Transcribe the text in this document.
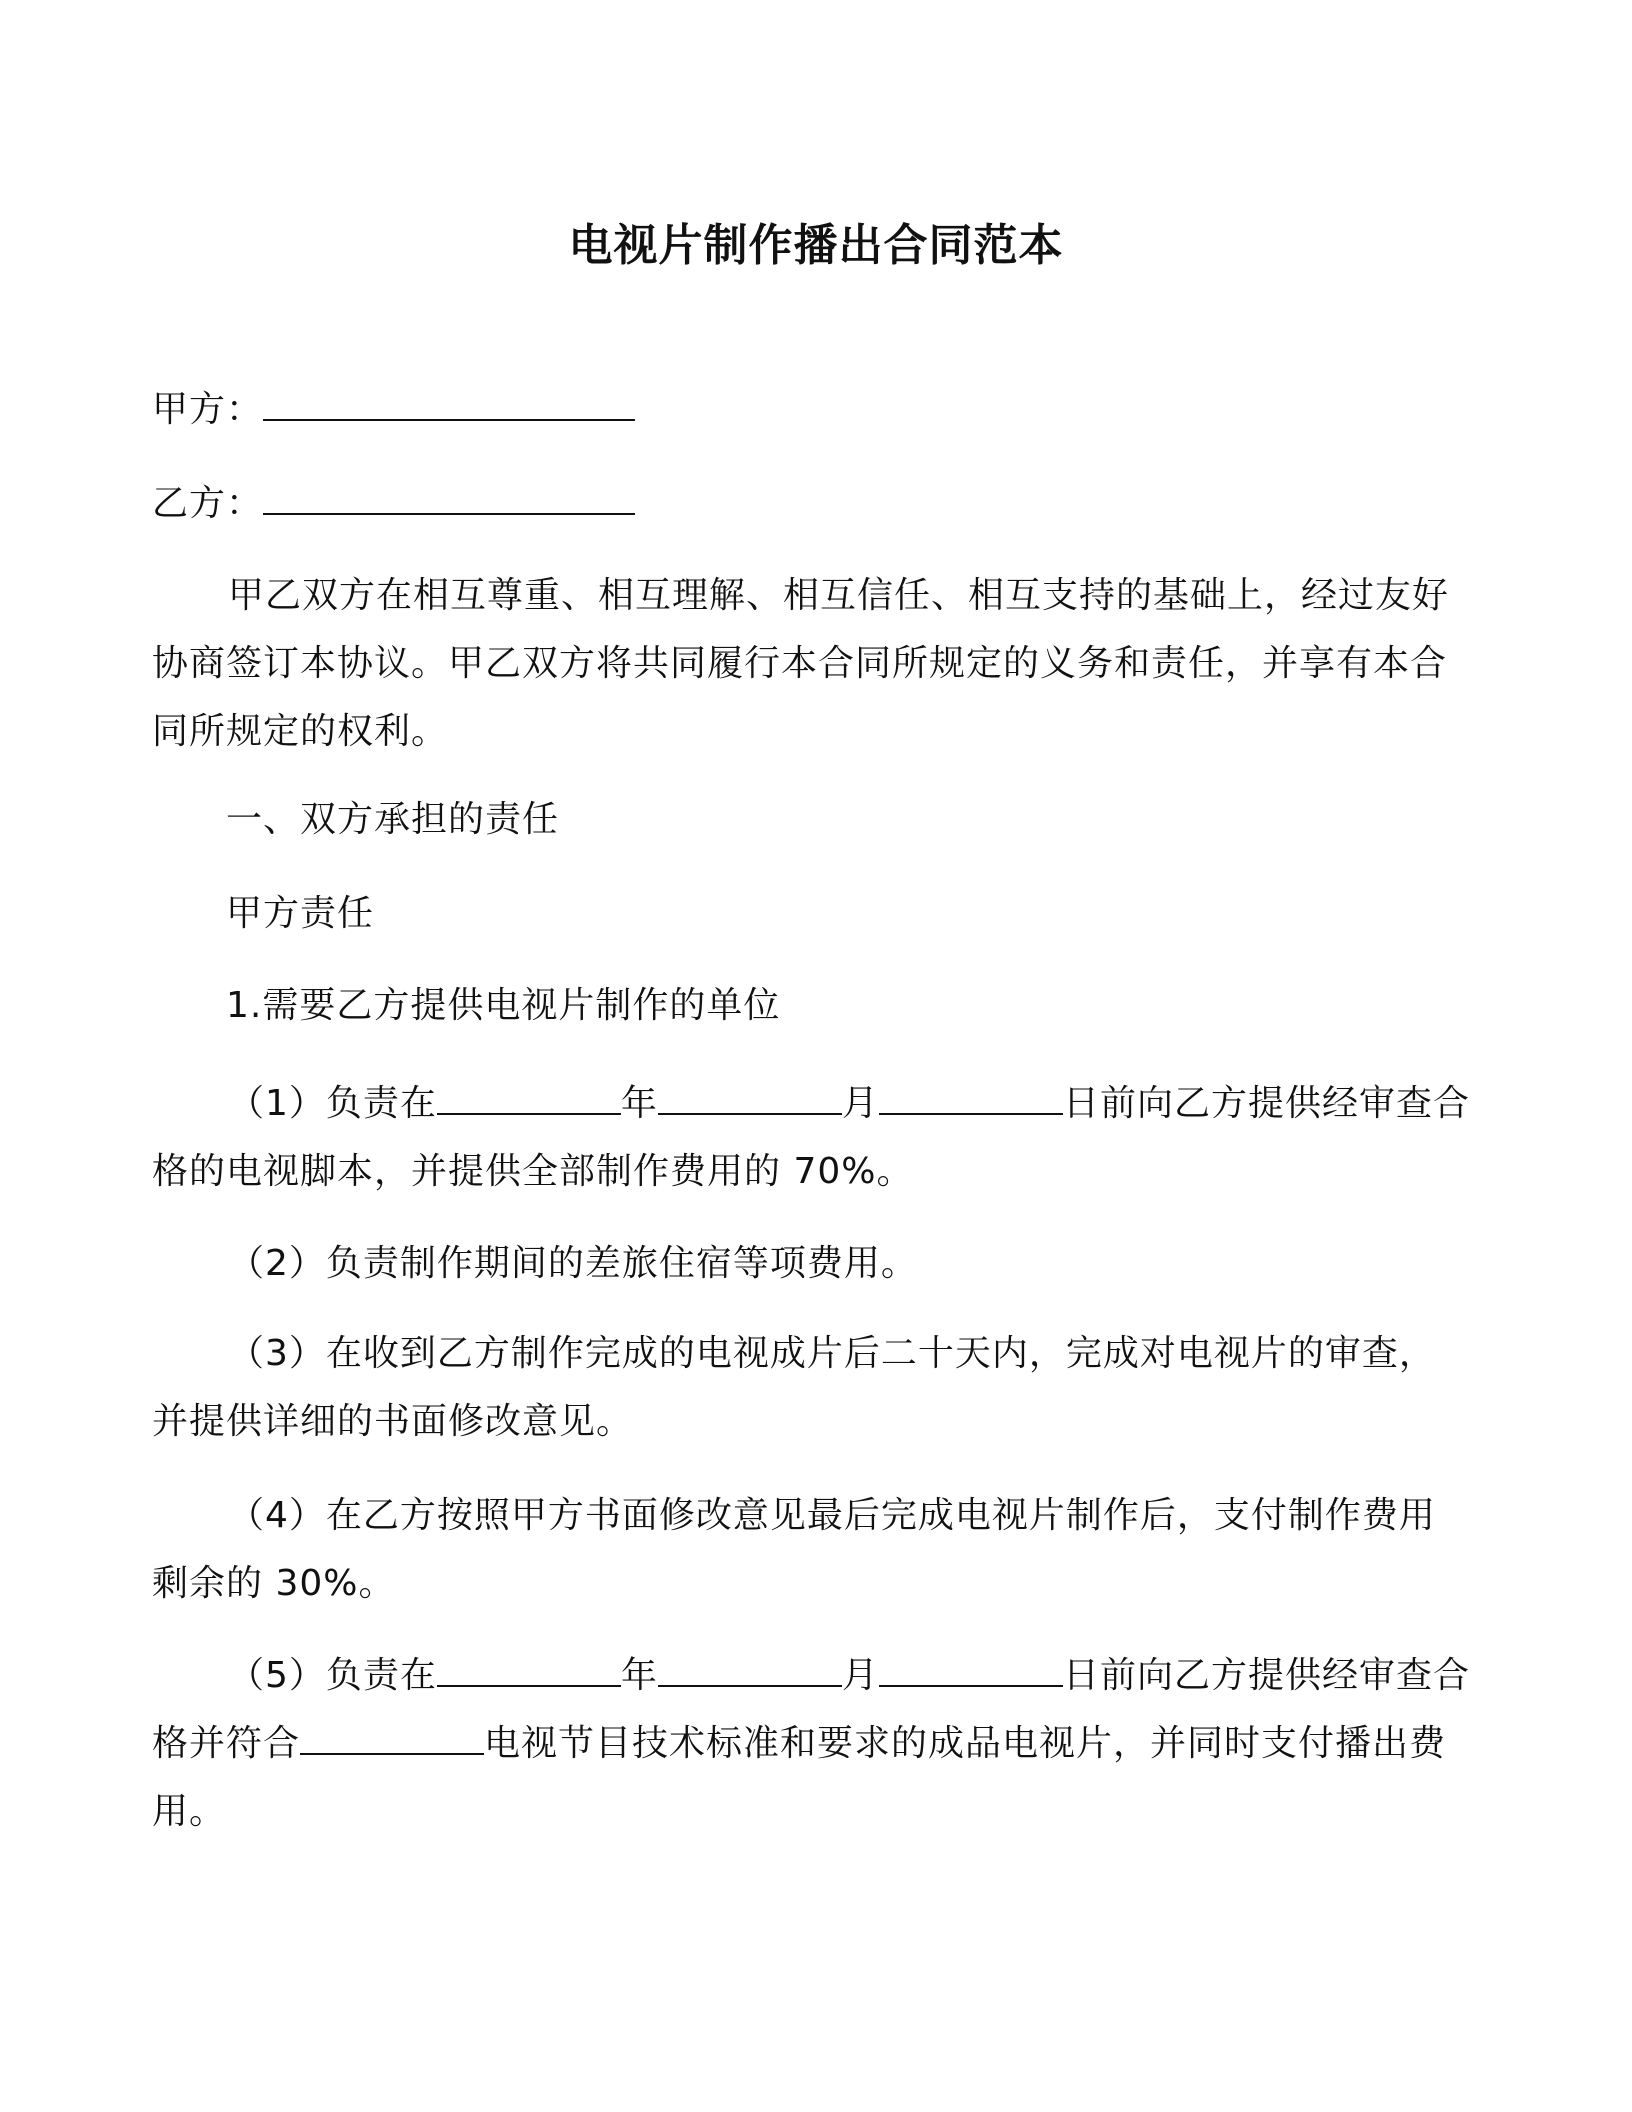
电视片制作播出合同范本
甲方：
乙方：
甲乙双方在相互尊重、相互理解、相互信任、相互支持的基础上，经过友好协商签订本协议。甲乙双方将共同履行本合同所规定的义务和责任，并享有本合同所规定的权利。
一、双方承担的责任
甲方责任
1.需要乙方提供电视片制作的单位
（1）负责在	年	月	日前向乙方提供经审查合格的电视脚本，并提供全部制作费用的 70%。
（2）负责制作期间的差旅住宿等项费用。
（3）在收到乙方制作完成的电视成片后二十天内，完成对电视片的审查，并提供详细的书面修改意见。
（4）在乙方按照甲方书面修改意见最后完成电视片制作后，支付制作费用剩余的 30%。
（5）负责在	年	月	日前向乙方提供经审查合格并符合	电视节目技术标准和要求的成品电视片，并同时支付播出费用。
